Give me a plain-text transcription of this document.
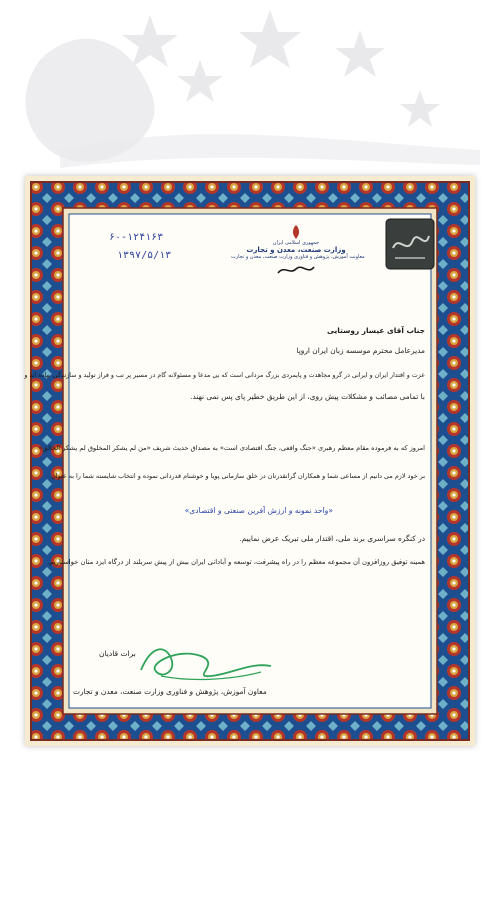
جمهوری اسلامی ایران
وزارت صنعت، معدن و تجارت
معاونت آموزش، پژوهش و فناوری وزارت صنعت، معدن و تجارت
۶۰-۱۲۴۱۶۳
۱۳۹۷/۵/۱۳
جناب آقای عیسار روستایی
مدیرعامل محترم موسسه زبان ایران اروپا
عزت و اقتدار ایران و ایرانی در گرو مجاهدت و پایمردی بزرگ مردانی است که بی مدعا و مسئولانه گام در مسیر پر تب و فراز تولید و سازندگی نهاده اند و
با تمامی مصائب و مشکلات پیش روی، از این طریق خطیر پای پس نمی نهند.
امروز که به فرموده مقام معظم رهبری «جنگ واقعی، جنگ اقتصادی است» به مصداق حدیث شریف «من لم یشکر المخلوق لم یشکر الخالق»
بر خود لازم می دانیم از مساعی شما و همکاران گرانقدرتان در خلق سازمانی پویا و خوشنام قدردانی نموده و انتخاب شایسته شما را به عنوان
«واحد نمونه و ارزش آفرین صنعتی و اقتصادی»
در کنگره سراسری برند ملی، اقتدار ملی تبریک عرض نماییم.
همینه توفیق روزافزون آن مجموعه معظم را در راه پیشرفت، توسعه و آبادانی ایران بیش از پیش سربلند از درگاه ایزد منان خواستاریم.
برات قادیان
معاون آموزش، پژوهش و فناوری وزارت صنعت، معدن و تجارت
